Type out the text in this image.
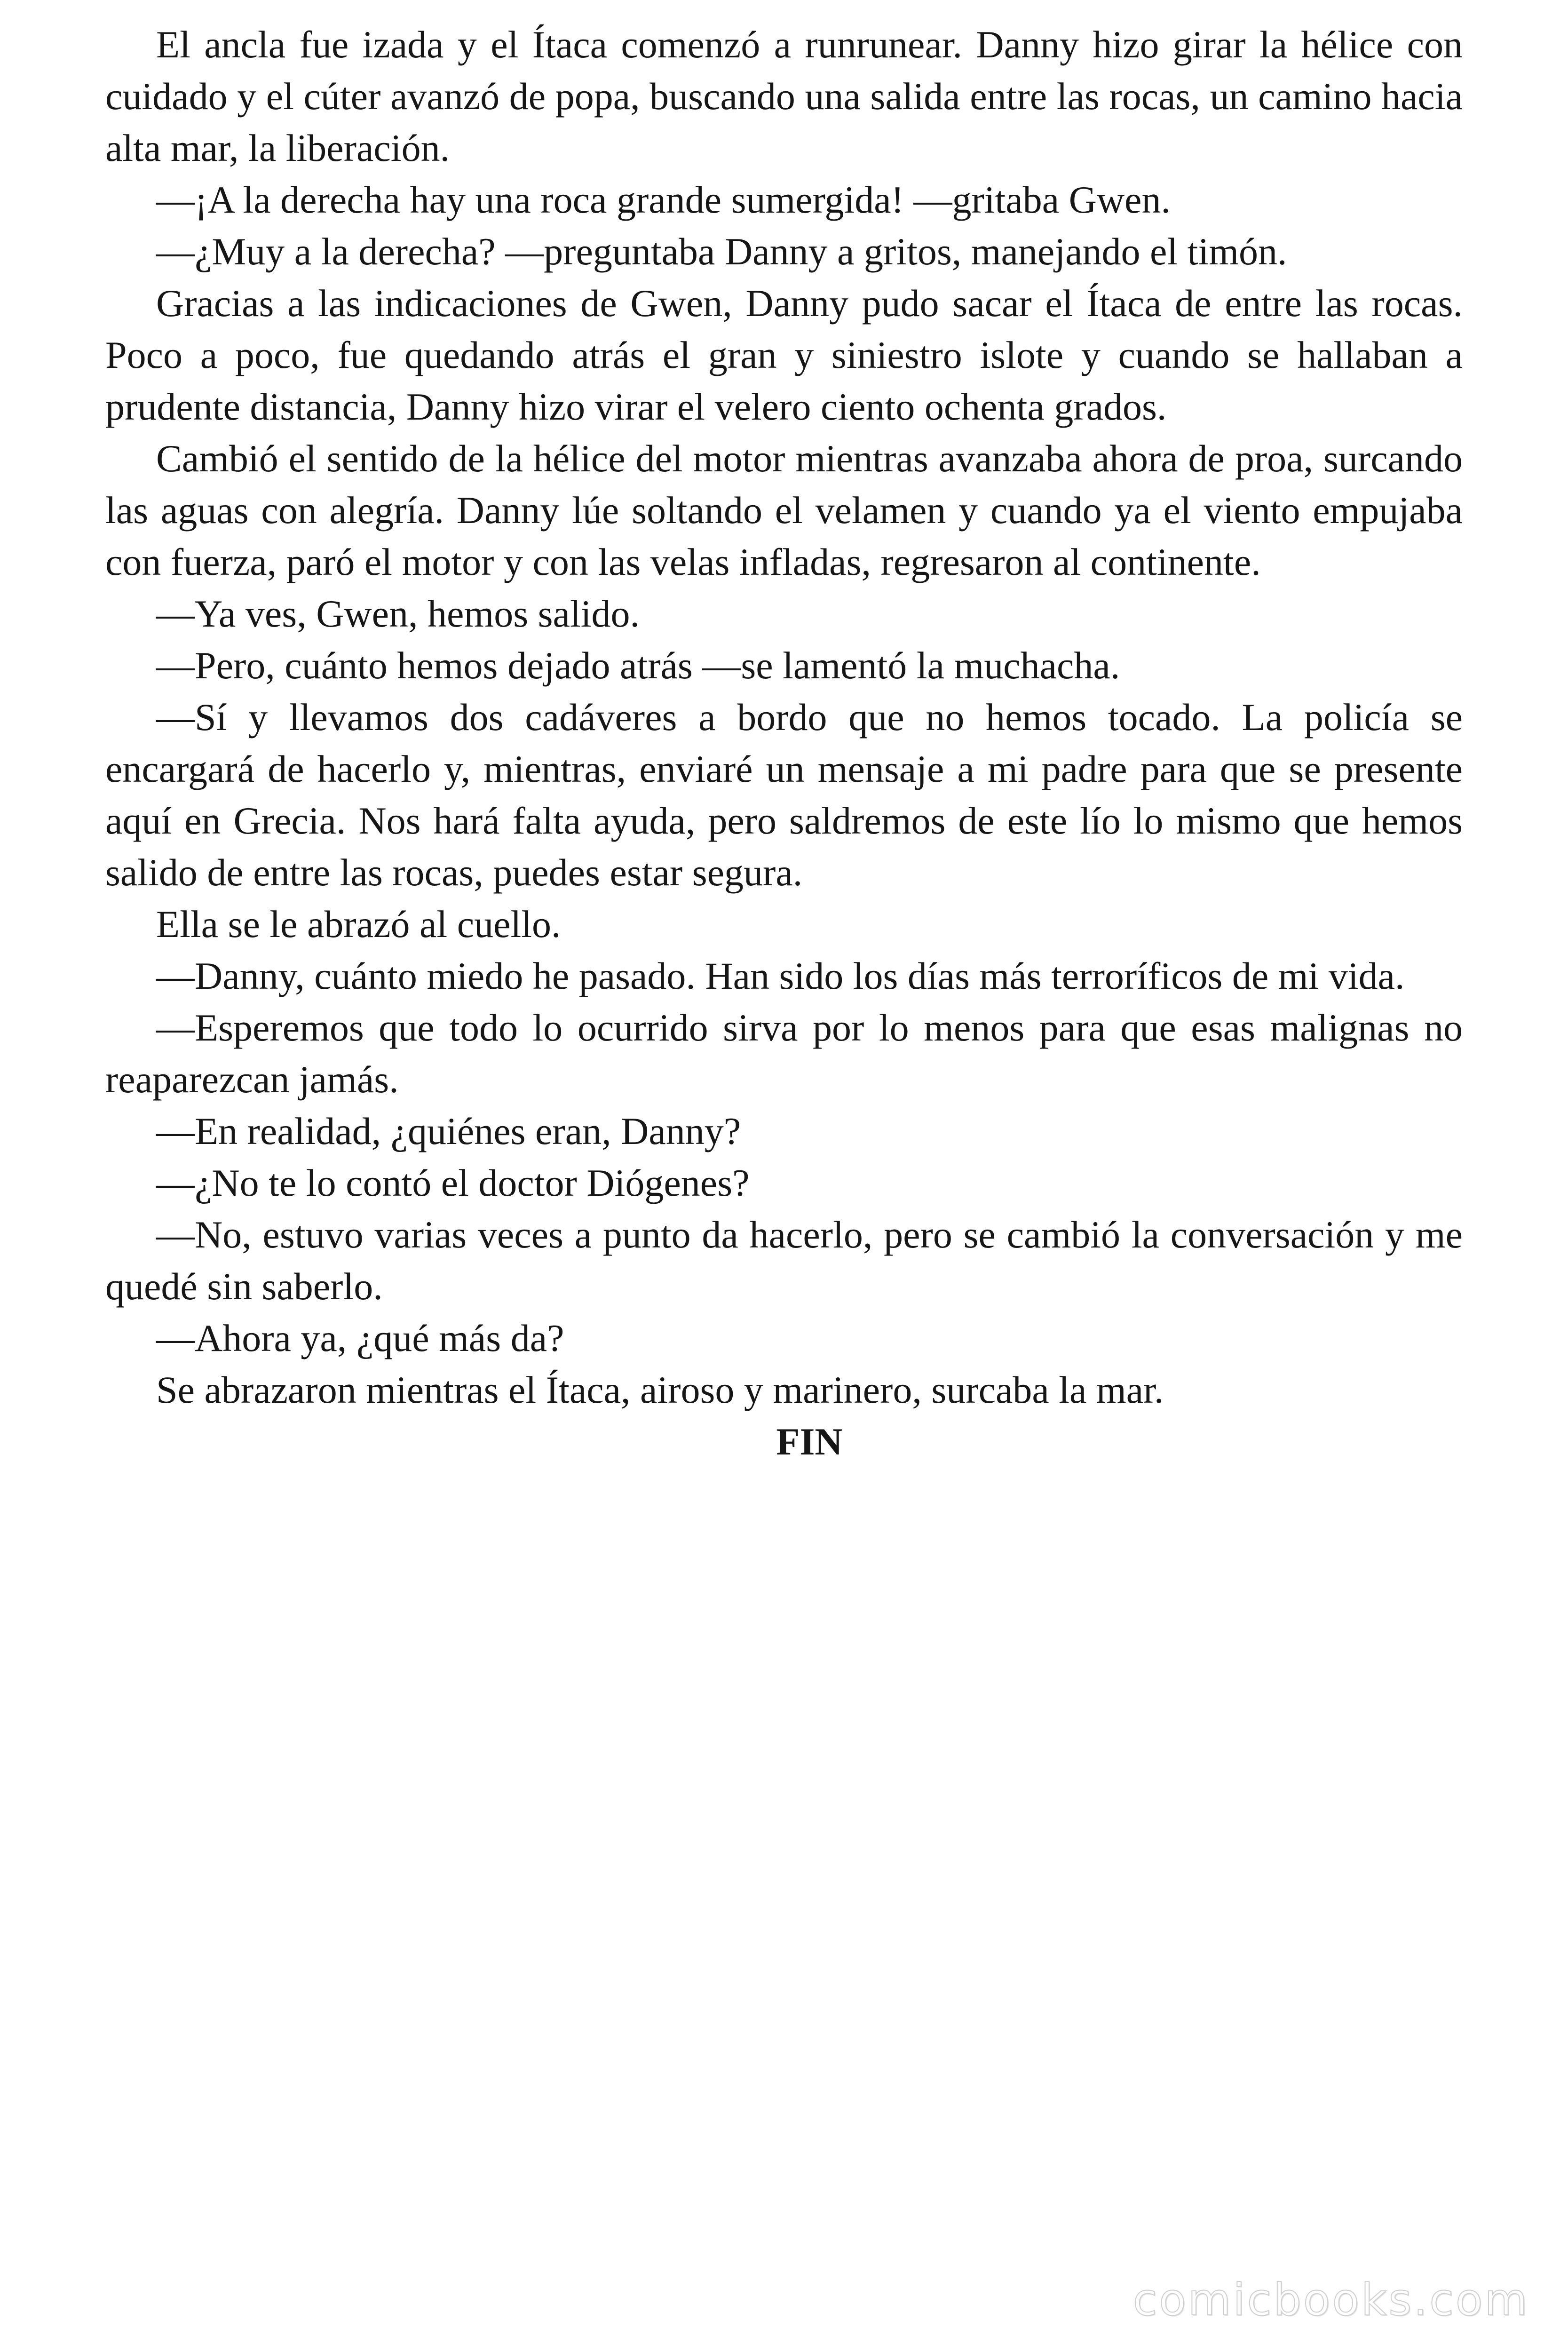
El ancla fue izada y el Ítaca comenzó a runrunear. Danny hizo girar la hélice con cuidado y el cúter avanzó de popa, buscando una salida entre las rocas, un camino hacia alta mar, la liberación.

—¡A la derecha hay una roca grande sumergida! —gritaba Gwen.

—¿Muy a la derecha? —preguntaba Danny a gritos, manejando el timón.

Gracias a las indicaciones de Gwen, Danny pudo sacar el Ítaca de entre las rocas. Poco a poco, fue quedando atrás el gran y siniestro islote y cuando se hallaban a prudente distancia, Danny hizo virar el velero ciento ochenta grados.

Cambió el sentido de la hélice del motor mientras avanzaba ahora de proa, surcando las aguas con alegría. Danny lúe soltando el velamen y cuando ya el viento empujaba con fuerza, paró el motor y con las velas infladas, regresaron al continente.

—Ya ves, Gwen, hemos salido.

—Pero, cuánto hemos dejado atrás —se lamentó la muchacha.

—Sí y llevamos dos cadáveres a bordo que no hemos tocado. La policía se encargará de hacerlo y, mientras, enviaré un mensaje a mi padre para que se presente aquí en Grecia. Nos hará falta ayuda, pero saldremos de este lío lo mismo que hemos salido de entre las rocas, puedes estar segura.

Ella se le abrazó al cuello.

—Danny, cuánto miedo he pasado. Han sido los días más terroríficos de mi vida.

—Esperemos que todo lo ocurrido sirva por lo menos para que esas malignas no reaparezcan jamás.

—En realidad, ¿quiénes eran, Danny?

—¿No te lo contó el doctor Diógenes?

—No, estuvo varias veces a punto da hacerlo, pero se cambió la conversación y me quedé sin saberlo.

—Ahora ya, ¿qué más da?

Se abrazaron mientras el Ítaca, airoso y marinero, surcaba la mar.

FIN

comicbooks.com
